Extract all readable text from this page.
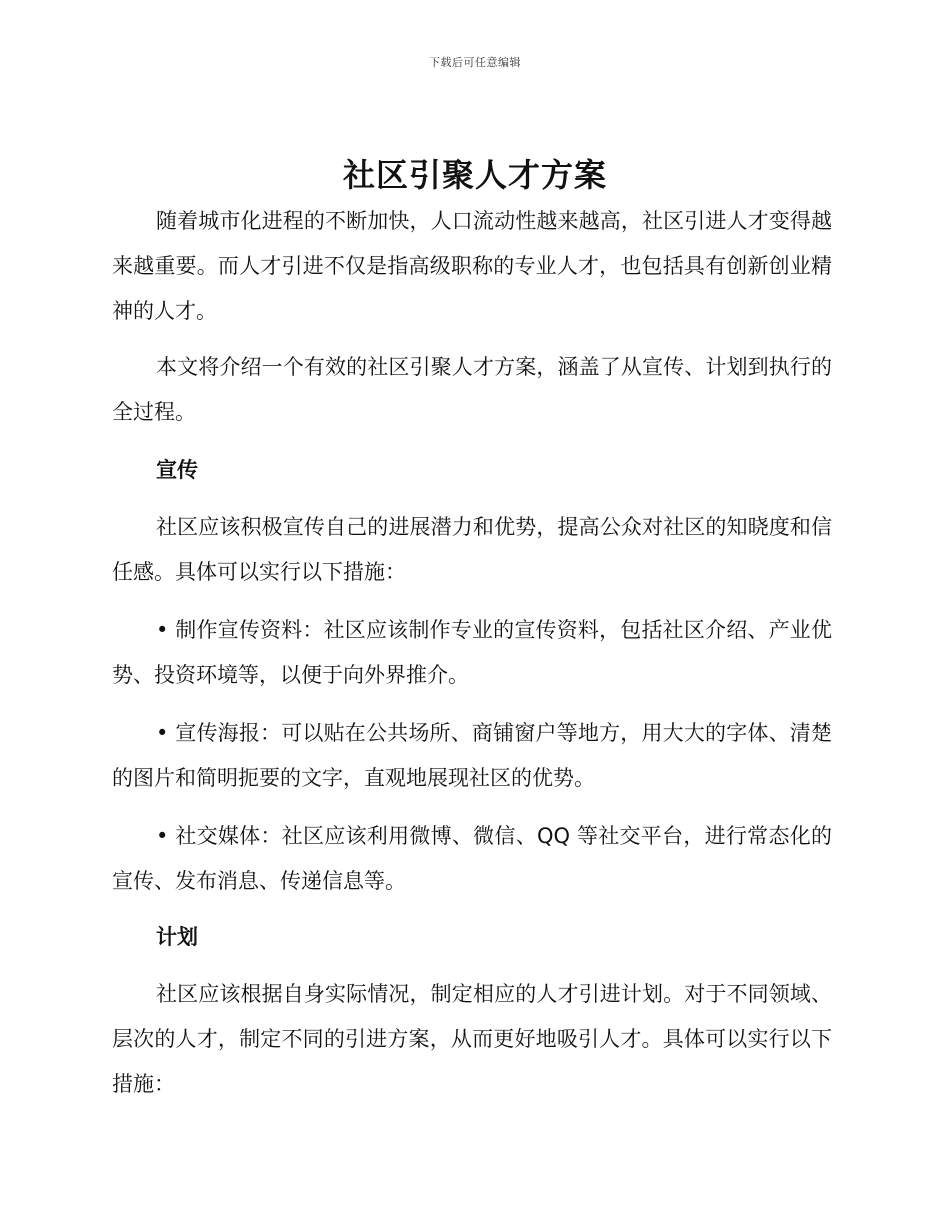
下载后可任意编辑
社区引聚人才方案

随着城市化进程的不断加快，人口流动性越来越高，社区引进人才变得越来越重要。而人才引进不仅是指高级职称的专业人才，也包括具有创新创业精神的人才。

本文将介绍一个有效的社区引聚人才方案，涵盖了从宣传、计划到执行的全过程。

宣传

社区应该积极宣传自己的进展潜力和优势，提高公众对社区的知晓度和信任感。具体可以实行以下措施：

• 制作宣传资料：社区应该制作专业的宣传资料，包括社区介绍、产业优势、投资环境等，以便于向外界推介。

• 宣传海报：可以贴在公共场所、商铺窗户等地方，用大大的字体、清楚的图片和简明扼要的文字，直观地展现社区的优势。

• 社交媒体：社区应该利用微博、微信、QQ 等社交平台，进行常态化的宣传、发布消息、传递信息等。

计划

社区应该根据自身实际情况，制定相应的人才引进计划。对于不同领域、层次的人才，制定不同的引进方案，从而更好地吸引人才。具体可以实行以下措施：
